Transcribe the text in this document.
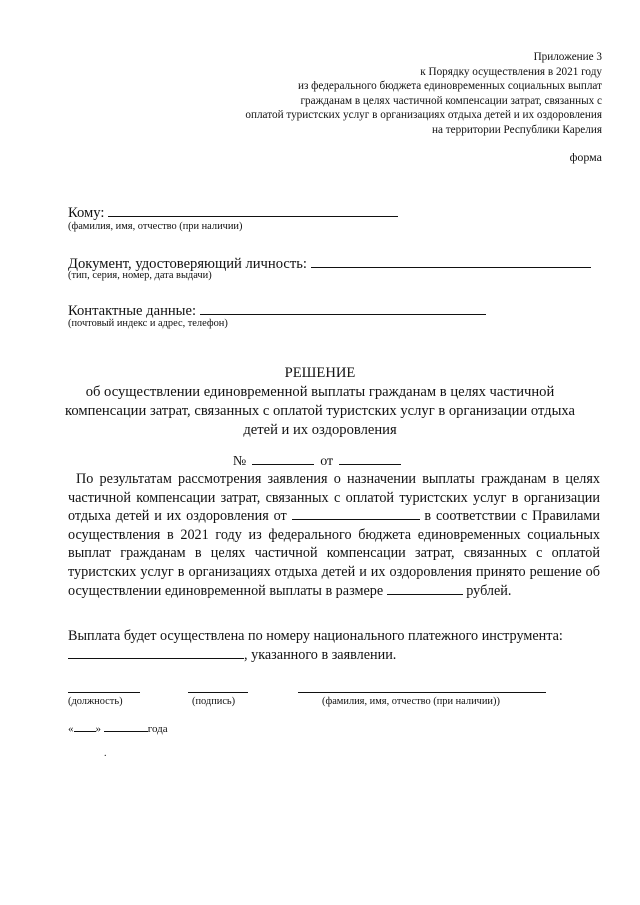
Приложение 3
к Порядку осуществления в 2021 году
из федерального бюджета единовременных социальных выплат
гражданам в целях частичной компенсации затрат, связанных с
оплатой туристских услуг в организациях отдыха детей и их оздоровления
на территории Республики Карелия
форма
Кому:
(фамилия, имя, отчество (при наличии)
Документ, удостоверяющий личность:
(тип, серия, номер, дата выдачи)
Контактные данные:
(почтовый индекс и адрес, телефон)
РЕШЕНИЕ
об осуществлении единовременной выплаты гражданам в целях частичной
компенсации затрат, связанных с оплатой туристских услуг в организации отдыха
детей и их оздоровления
№	от
По результатам рассмотрения заявления о назначении выплаты гражданам в целях частичной компенсации затрат, связанных с оплатой туристских услуг в организации отдыха детей и их оздоровления от	в соответствии с Правилами осуществления в 2021 году из федерального бюджета единовременных социальных выплат гражданам в целях частичной компенсации затрат, связанных с оплатой туристских услуг в организациях отдыха детей и их оздоровления принято решение об осуществлении единовременной выплаты в размере	рублей.
Выплата будет осуществлена по номеру национального платежного инструмента:
, указанного в заявлении.
(должность)	(подпись)	(фамилия, имя, отчество (при наличии))
« »	года
.
